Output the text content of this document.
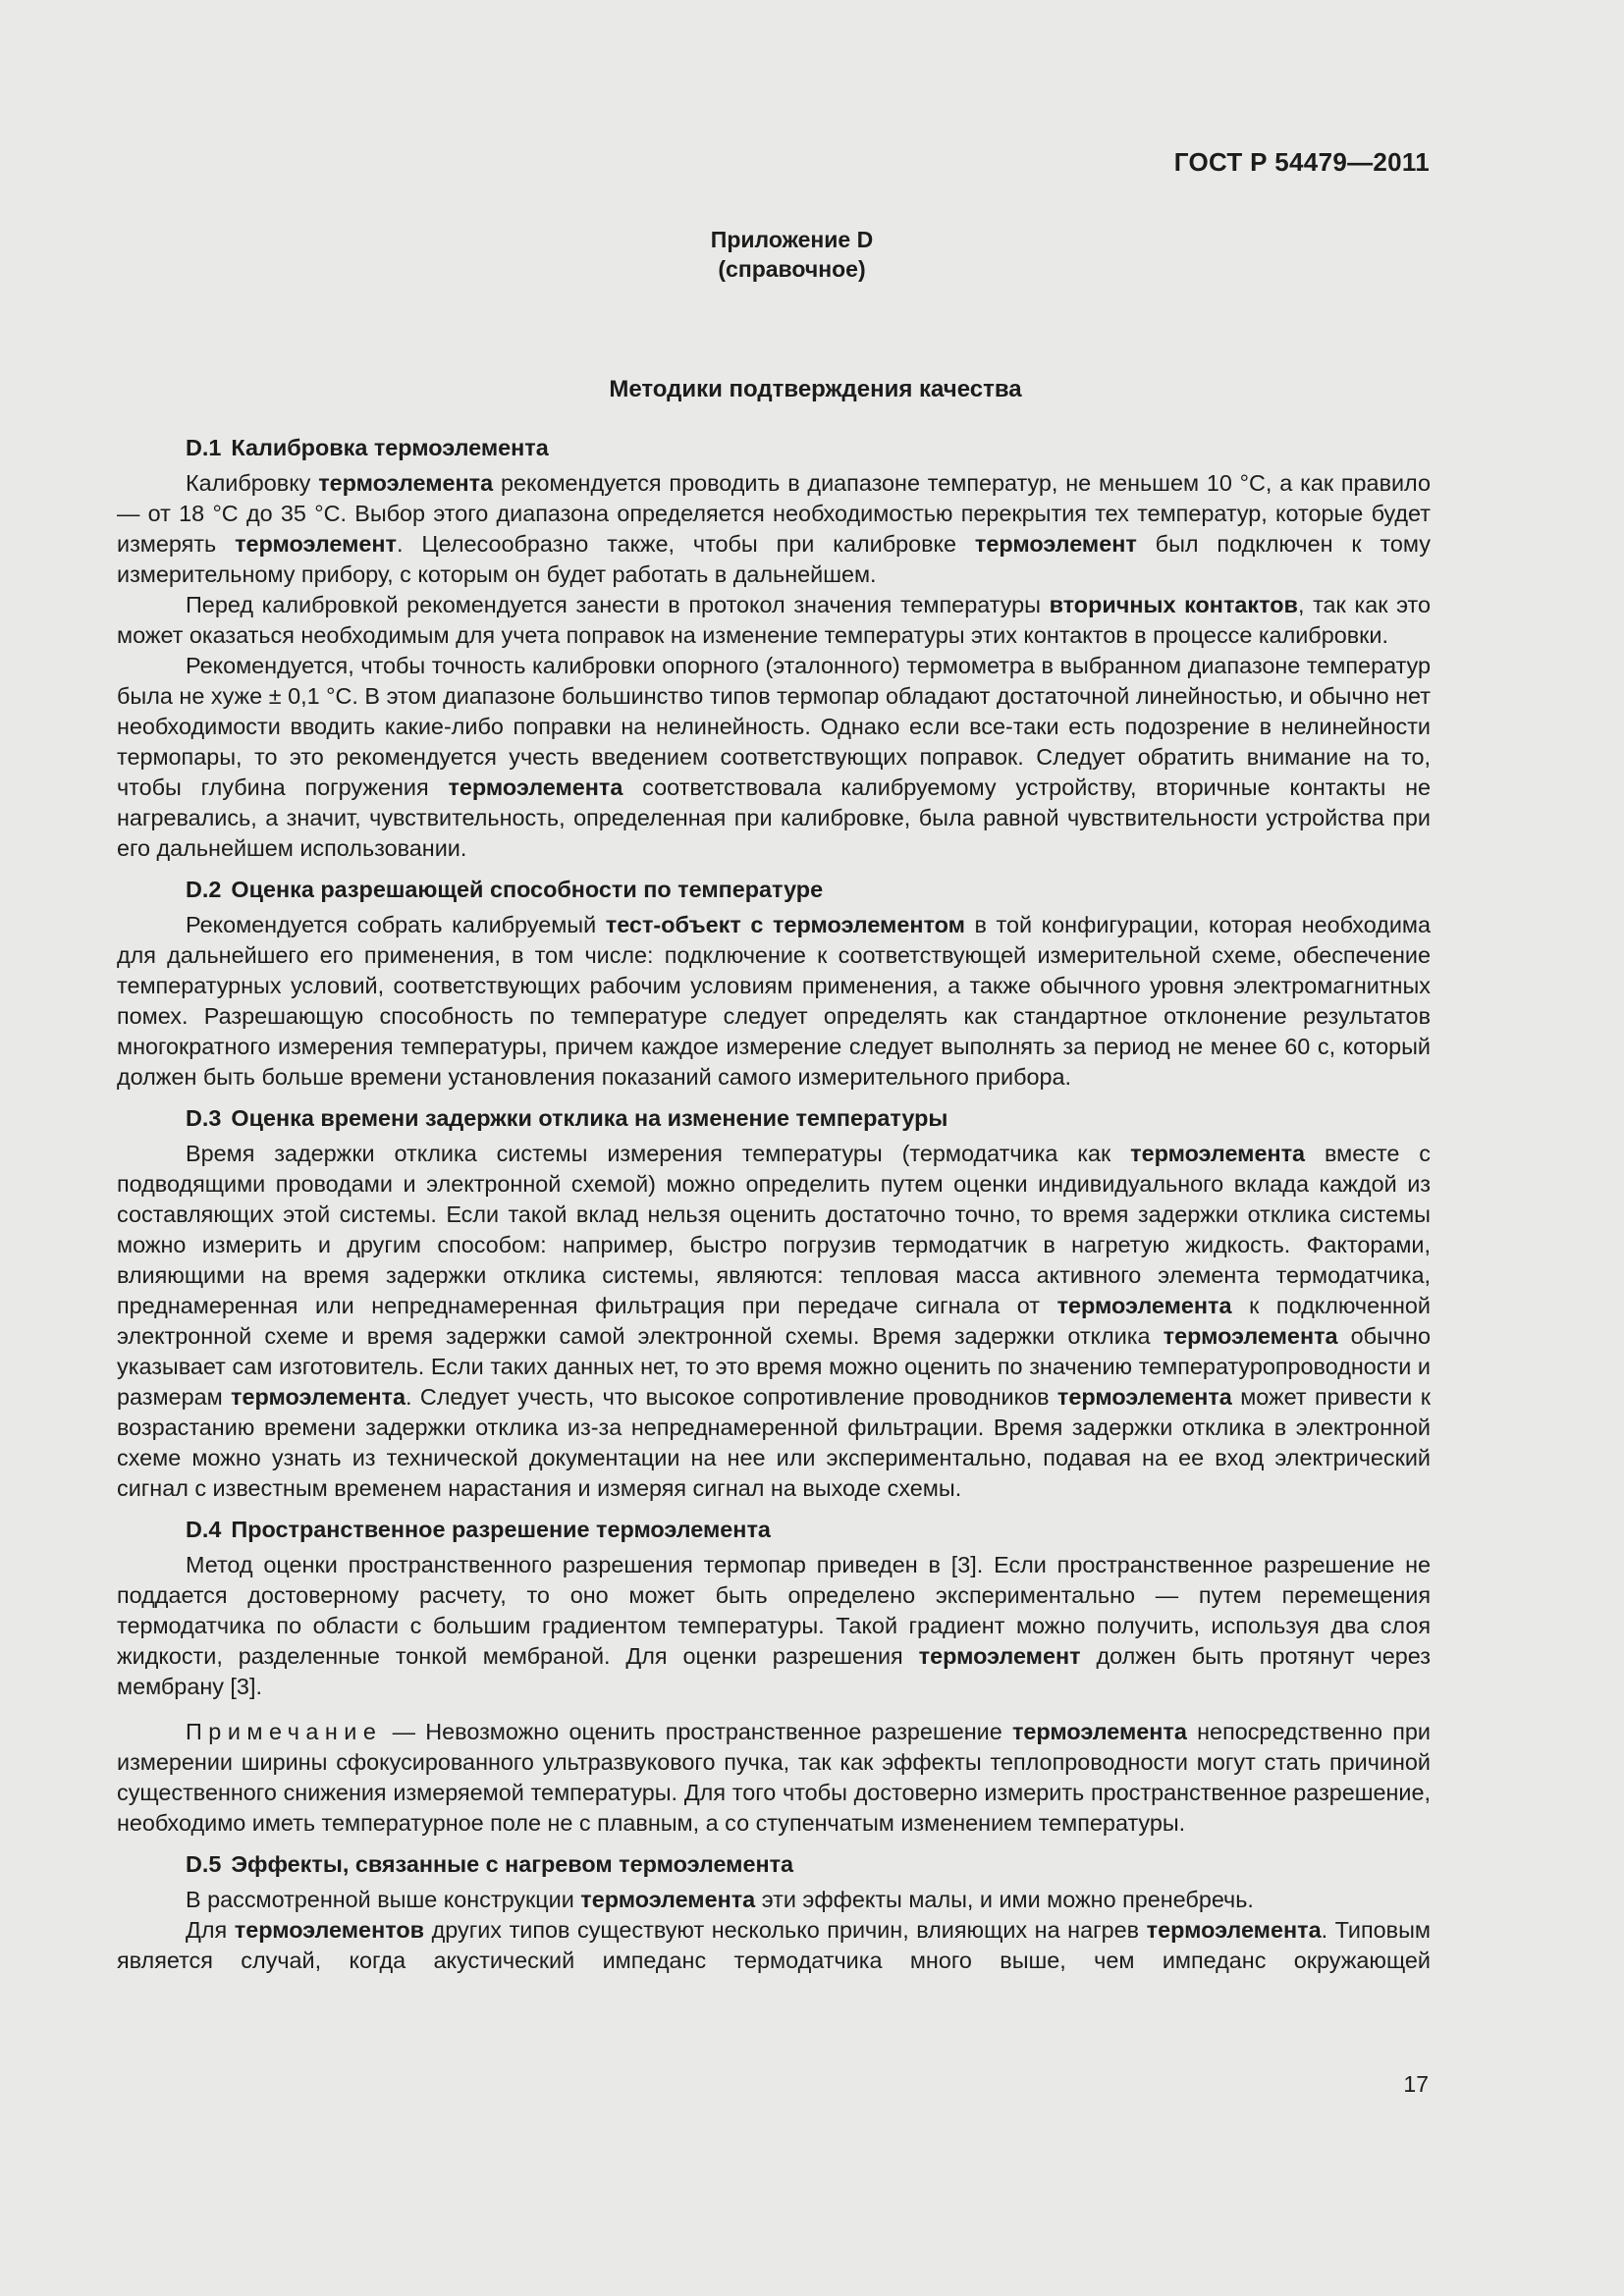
ГОСТ Р 54479—2011
Приложение D
(справочное)
Методики подтверждения качества
D.1 Калибровка термоэлемента

Калибровку термоэлемента рекомендуется проводить в диапазоне температур, не меньшем 10 °С, а как правило — от 18 °С до 35 °С. Выбор этого диапазона определяется необходимостью перекрытия тех температур, которые будет измерять термоэлемент. Целесообразно также, чтобы при калибровке термоэлемент был подключен к тому измерительному прибору, с которым он будет работать в дальнейшем.

Перед калибровкой рекомендуется занести в протокол значения температуры вторичных контактов, так как это может оказаться необходимым для учета поправок на изменение температуры этих контактов в процессе калибровки.

Рекомендуется, чтобы точность калибровки опорного (эталонного) термометра в выбранном диапазоне температур была не хуже ± 0,1 °С. В этом диапазоне большинство типов термопар обладают достаточной линейностью, и обычно нет необходимости вводить какие-либо поправки на нелинейность. Однако если все-таки есть подозрение в нелинейности термопары, то это рекомендуется учесть введением соответствующих поправок. Следует обратить внимание на то, чтобы глубина погружения термоэлемента соответствовала калибруемому устройству, вторичные контакты не нагревались, а значит, чувствительность, определенная при калибровке, была равной чувствительности устройства при его дальнейшем использовании.

D.2 Оценка разрешающей способности по температуре

Рекомендуется собрать калибруемый тест-объект с термоэлементом в той конфигурации, которая необходима для дальнейшего его применения, в том числе: подключение к соответствующей измерительной схеме, обеспечение температурных условий, соответствующих рабочим условиям применения, а также обычного уровня электромагнитных помех. Разрешающую способность по температуре следует определять как стандартное отклонение результатов многократного измерения температуры, причем каждое измерение следует выполнять за период не менее 60 с, который должен быть больше времени установления показаний самого измерительного прибора.

D.3 Оценка времени задержки отклика на изменение температуры

Время задержки отклика системы измерения температуры (термодатчика как термоэлемента вместе с подводящими проводами и электронной схемой) можно определить путем оценки индивидуального вклада каждой из составляющих этой системы. Если такой вклад нельзя оценить достаточно точно, то время задержки отклика системы можно измерить и другим способом: например, быстро погрузив термодатчик в нагретую жидкость. Факторами, влияющими на время задержки отклика системы, являются: тепловая масса активного элемента термодатчика, преднамеренная или непреднамеренная фильтрация при передаче сигнала от термоэлемента к подключенной электронной схеме и время задержки самой электронной схемы. Время задержки отклика термоэлемента обычно указывает сам изготовитель. Если таких данных нет, то это время можно оценить по значению температуропроводности и размерам термоэлемента. Следует учесть, что высокое сопротивление проводников термоэлемента может привести к возрастанию времени задержки отклика из-за непреднамеренной фильтрации. Время задержки отклика в электронной схеме можно узнать из технической документации на нее или экспериментально, подавая на ее вход электрический сигнал с известным временем нарастания и измеряя сигнал на выходе схемы.

D.4 Пространственное разрешение термоэлемента

Метод оценки пространственного разрешения термопар приведен в [3]. Если пространственное разрешение не поддается достоверному расчету, то оно может быть определено экспериментально — путем перемещения термодатчика по области с большим градиентом температуры. Такой градиент можно получить, используя два слоя жидкости, разделенные тонкой мембраной. Для оценки разрешения термоэлемент должен быть протянут через мембрану [3].

Примечание — Невозможно оценить пространственное разрешение термоэлемента непосредственно при измерении ширины сфокусированного ультразвукового пучка, так как эффекты теплопроводности могут стать причиной существенного снижения измеряемой температуры. Для того чтобы достоверно измерить пространственное разрешение, необходимо иметь температурное поле не с плавным, а со ступенчатым изменением температуры.

D.5 Эффекты, связанные с нагревом термоэлемента

В рассмотренной выше конструкции термоэлемента эти эффекты малы, и ими можно пренебречь.

Для термоэлементов других типов существуют несколько причин, влияющих на нагрев термоэлемента. Типовым является случай, когда акустический импеданс термодатчика много выше, чем импеданс окружающей

17
